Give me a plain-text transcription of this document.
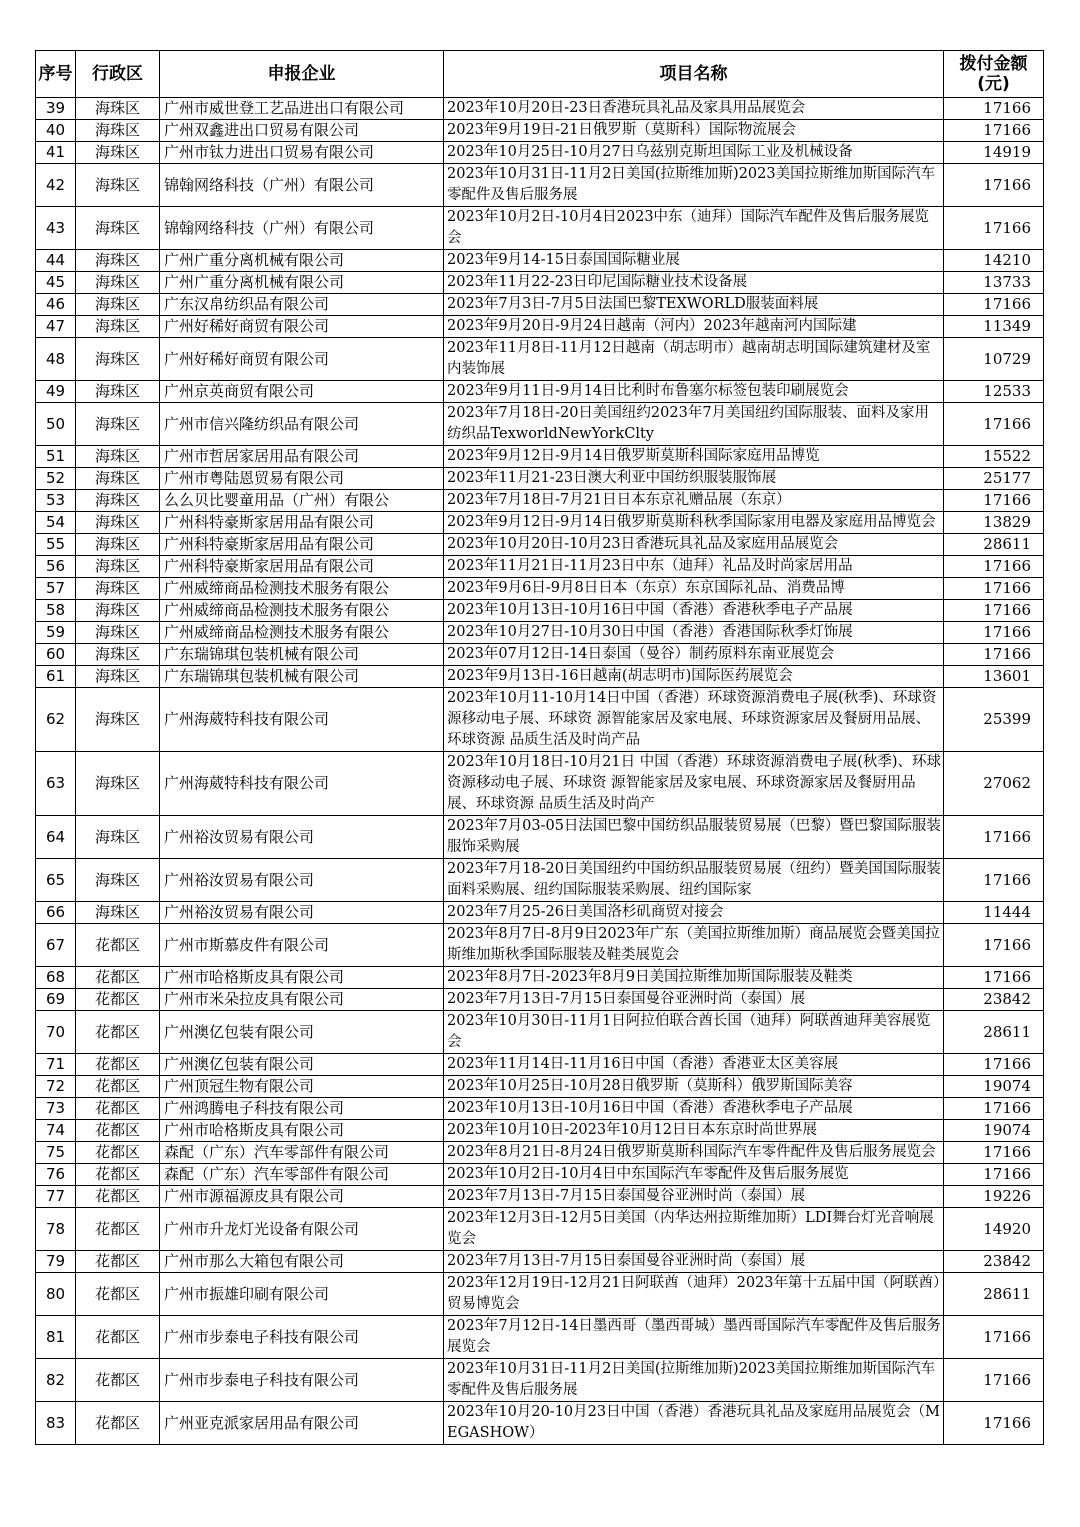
序号	行政区	申报企业	项目名称	拨付金额
(元)
39	海珠区	广州市威世登工艺品进出口有限公司	2023年10月20日-23日香港玩具礼品及家具用品展览会	17166
40	海珠区	广州双鑫进出口贸易有限公司	2023年9月19日-21日俄罗斯（莫斯科）国际物流展会	17166
41	海珠区	广州市钛力进出口贸易有限公司	2023年10月25日-10月27日乌兹别克斯坦国际工业及机械设备	14919
42	海珠区	锦翰网络科技（广州）有限公司	2023年10月31日-11月2日美国(拉斯维加斯)2023美国拉斯维加斯国际汽车零配件及售后服务展	17166
43	海珠区	锦翰网络科技（广州）有限公司	2023年10月2日-10月4日2023中东（迪拜）国际汽车配件及售后服务展览会	17166
44	海珠区	广州广重分离机械有限公司	2023年9月14-15日泰国国际糖业展	14210
45	海珠区	广州广重分离机械有限公司	2023年11月22-23日印尼国际糖业技术设备展	13733
46	海珠区	广东汉帛纺织品有限公司	2023年7月3日-7月5日法国巴黎TEXWORLD服装面料展	17166
47	海珠区	广州好稀好商贸有限公司	2023年9月20日-9月24日越南（河内）2023年越南河内国际建	11349
48	海珠区	广州好稀好商贸有限公司	2023年11月8日-11月12日越南（胡志明市）越南胡志明国际建筑建材及室内装饰展	10729
49	海珠区	广州京英商贸有限公司	2023年9月11日-9月14日比利时布鲁塞尔标签包装印刷展览会	12533
50	海珠区	广州市信兴隆纺织品有限公司	2023年7月18日-20日美国纽约2023年7月美国纽约国际服装、面料及家用纺织品TexworldNewYorkClty	17166
51	海珠区	广州市哲居家居用品有限公司	2023年9月12日-9月14日俄罗斯莫斯科国际家庭用品博览	15522
52	海珠区	广州市粤陆恩贸易有限公司	2023年11月21-23日澳大利亚中国纺织服装服饰展	25177
53	海珠区	么么贝比婴童用品（广州）有限公	2023年7月18日-7月21日日本东京礼赠品展（东京）	17166
54	海珠区	广州科特豪斯家居用品有限公司	2023年9月12日-9月14日俄罗斯莫斯科秋季国际家用电器及家庭用品博览会	13829
55	海珠区	广州科特豪斯家居用品有限公司	2023年10月20日-10月23日香港玩具礼品及家庭用品展览会	28611
56	海珠区	广州科特豪斯家居用品有限公司	2023年11月21日-11月23日中东（迪拜）礼品及时尚家居用品	17166
57	海珠区	广州威缔商品检测技术服务有限公	2023年9月6日-9月8日日本（东京）东京国际礼品、消费品博	17166
58	海珠区	广州威缔商品检测技术服务有限公	2023年10月13日-10月16日中国（香港）香港秋季电子产品展	17166
59	海珠区	广州威缔商品检测技术服务有限公	2023年10月27日-10月30日中国（香港）香港国际秋季灯饰展	17166
60	海珠区	广东瑞锦琪包装机械有限公司	2023年07月12日-14日泰国（曼谷）制药原料东南亚展览会	17166
61	海珠区	广东瑞锦琪包装机械有限公司	2023年9月13日-16日越南(胡志明市)国际医药展览会	13601
62	海珠区	广州海葳特科技有限公司	2023年10月11-10月14日中国（香港）环球资源消费电子展(秋季)、环球资源移动电子展、环球资 源智能家居及家电展、环球资源家居及餐厨用品展、环球资源 品质生活及时尚产品	25399
63	海珠区	广州海葳特科技有限公司	2023年10月18日-10月21日 中国（香港）环球资源消费电子展(秋季)、环球资源移动电子展、环球资 源智能家居及家电展、环球资源家居及餐厨用品展、环球资源 品质生活及时尚产	27062
64	海珠区	广州裕汝贸易有限公司	2023年7月03-05日法国巴黎中国纺织品服装贸易展（巴黎）暨巴黎国际服装服饰采购展	17166
65	海珠区	广州裕汝贸易有限公司	2023年7月18-20日美国纽约中国纺织品服装贸易展（纽约）暨美国国际服装面料采购展、纽约国际服装采购展、纽约国际家	17166
66	海珠区	广州裕汝贸易有限公司	2023年7月25-26日美国洛杉矶商贸对接会	11444
67	花都区	广州市斯慕皮件有限公司	2023年8月7日-8月9日2023年广东（美国拉斯维加斯）商品展览会暨美国拉斯维加斯秋季国际服装及鞋类展览会	17166
68	花都区	广州市哈格斯皮具有限公司	2023年8月7日-2023年8月9日美国拉斯维加斯国际服装及鞋类	17166
69	花都区	广州市米朵拉皮具有限公司	2023年7月13日-7月15日泰国曼谷亚洲时尚（泰国）展	23842
70	花都区	广州澳亿包装有限公司	2023年10月30日-11月1日阿拉伯联合酋长国（迪拜）阿联酋迪拜美容展览会	28611
71	花都区	广州澳亿包装有限公司	2023年11月14日-11月16日中国（香港）香港亚太区美容展	17166
72	花都区	广州顶冠生物有限公司	2023年10月25日-10月28日俄罗斯（莫斯科）俄罗斯国际美容	19074
73	花都区	广州鸿腾电子科技有限公司	2023年10月13日-10月16日中国（香港）香港秋季电子产品展	17166
74	花都区	广州市哈格斯皮具有限公司	2023年10月10日-2023年10月12日日本东京时尚世界展	19074
75	花都区	森配（广东）汽车零部件有限公司	2023年8月21日-8月24日俄罗斯莫斯科国际汽车零件配件及售后服务展览会	17166
76	花都区	森配（广东）汽车零部件有限公司	2023年10月2日-10月4日中东国际汽车零配件及售后服务展览	17166
77	花都区	广州市源福源皮具有限公司	2023年7月13日-7月15日泰国曼谷亚洲时尚（泰国）展	19226
78	花都区	广州市升龙灯光设备有限公司	2023年12月3日-12月5日美国（内华达州拉斯维加斯）LDI舞台灯光音响展览会	14920
79	花都区	广州市那么大箱包有限公司	2023年7月13日-7月15日泰国曼谷亚洲时尚（泰国）展	23842
80	花都区	广州市振雄印刷有限公司	2023年12月19日-12月21日阿联酋（迪拜）2023年第十五届中国（阿联酋）贸易博览会	28611
81	花都区	广州市步泰电子科技有限公司	2023年7月12日-14日墨西哥（墨西哥城）墨西哥国际汽车零配件及售后服务展览会	17166
82	花都区	广州市步泰电子科技有限公司	2023年10月31日-11月2日美国(拉斯维加斯)2023美国拉斯维加斯国际汽车零配件及售后服务展	17166
83	花都区	广州亚克派家居用品有限公司	2023年10月20-10月23日中国（香港）香港玩具礼品及家庭用品展览会（MEGASHOW）	17166
